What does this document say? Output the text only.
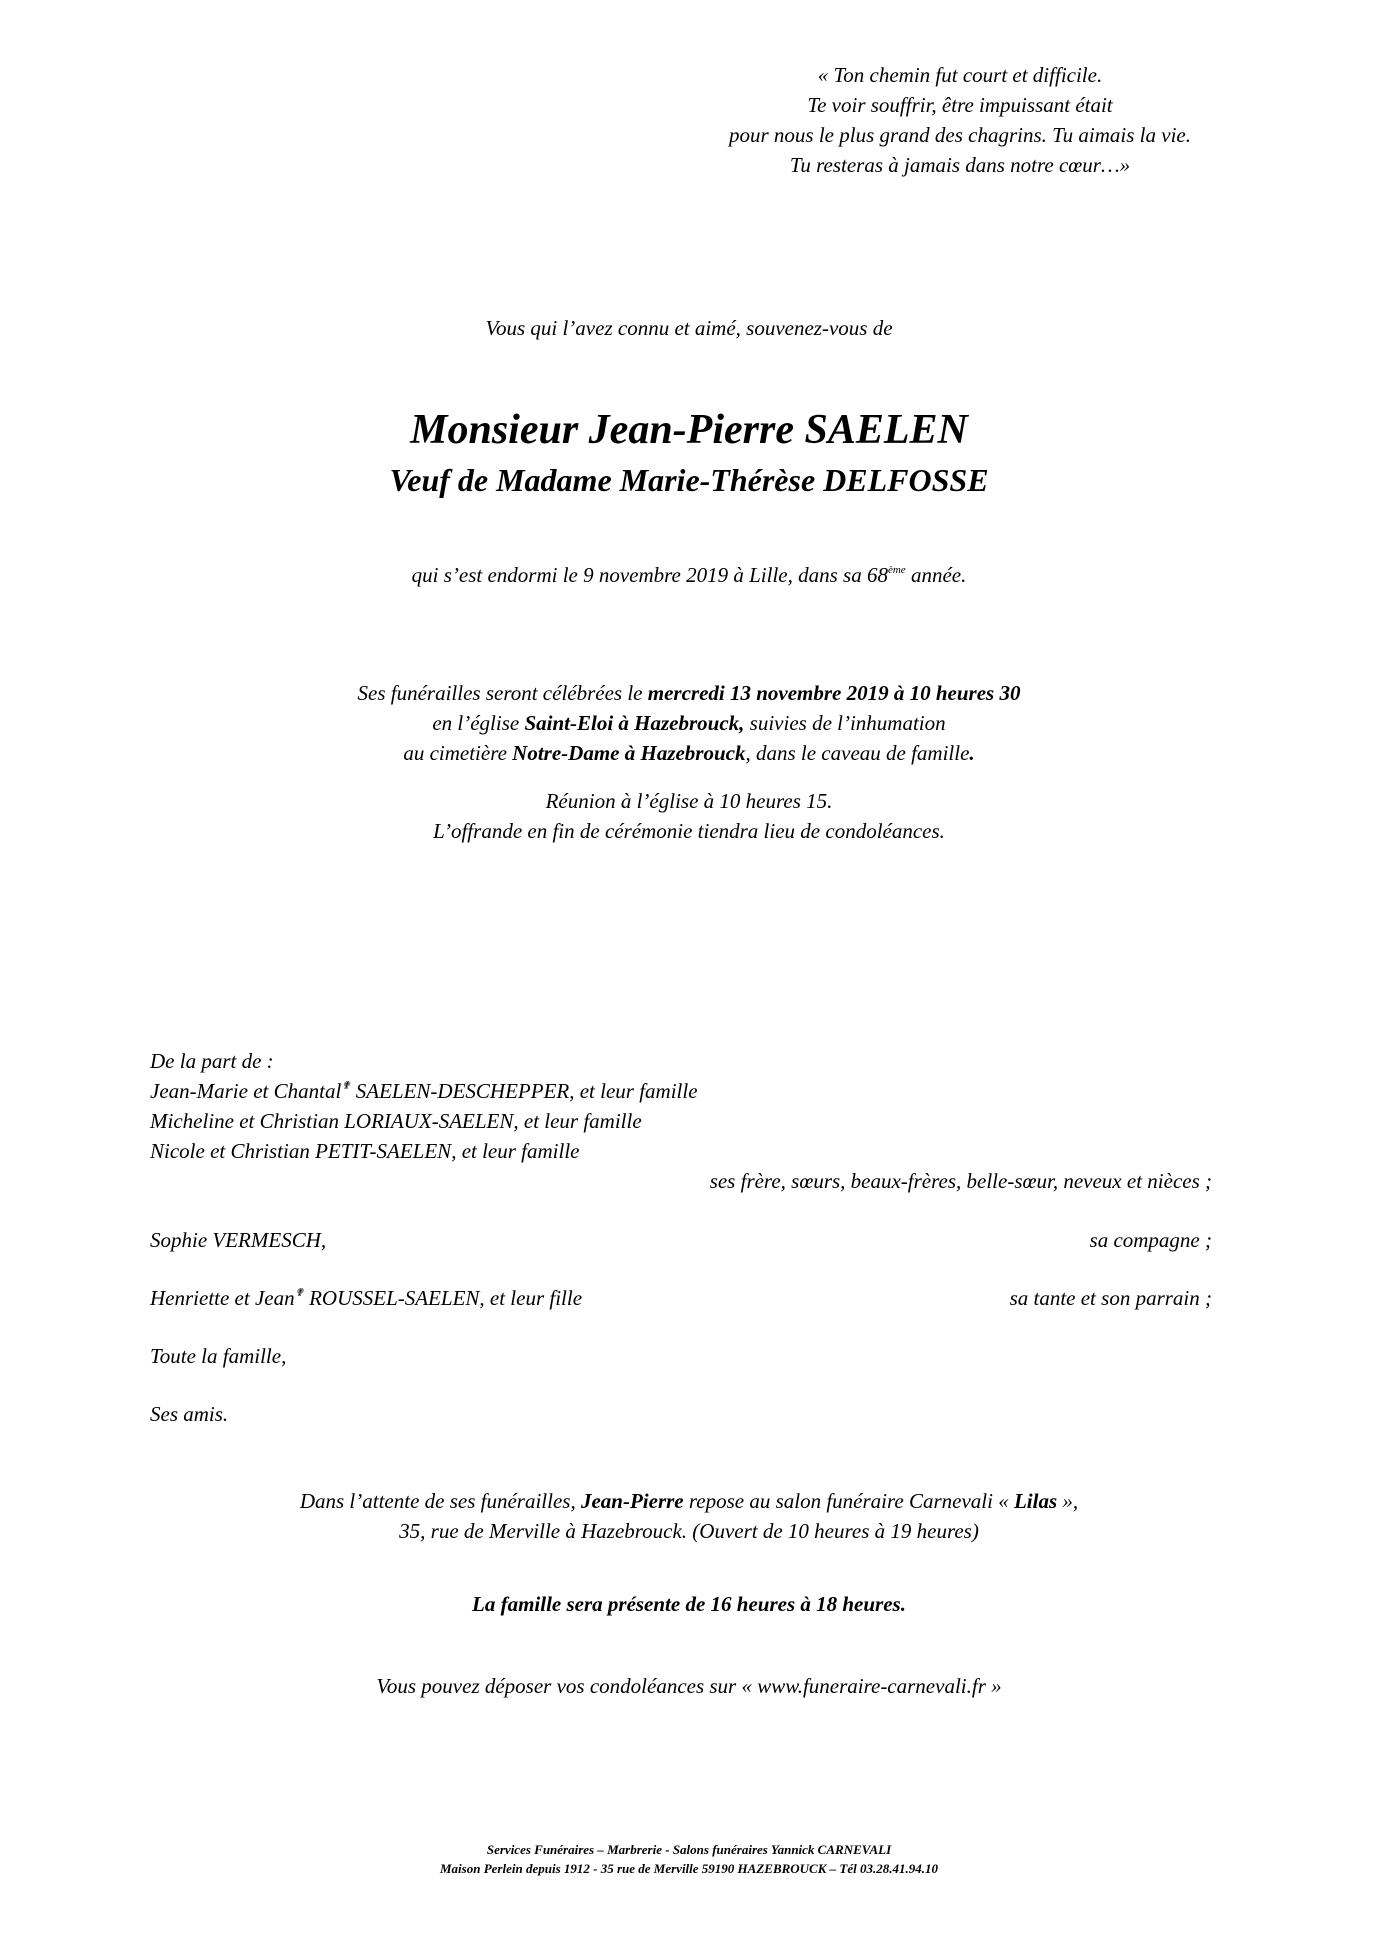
« Ton chemin fut court et difficile.
Te voir souffrir, être impuissant était
pour nous le plus grand des chagrins. Tu aimais la vie.
Tu resteras à jamais dans notre cœur…»
Vous qui l’avez connu et aimé, souvenez-vous de
Monsieur Jean-Pierre SAELEN
Veuf de Madame Marie-Thérèse DELFOSSE
qui s’est endormi le 9 novembre 2019 à Lille, dans sa 68ème année.
Ses funérailles seront célébrées le mercredi 13 novembre 2019 à 10 heures 30
en l’église Saint-Eloi à Hazebrouck, suivies de l’inhumation
au cimetière Notre-Dame à Hazebrouck, dans le caveau de famille.
Réunion à l’église à 10 heures 15.
L’offrande en fin de cérémonie tiendra lieu de condoléances.
De la part de :
Jean-Marie et Chantal✟ SAELEN-DESCHEPPER, et leur famille
Micheline et Christian LORIAUX-SAELEN, et leur famille
Nicole et Christian PETIT-SAELEN, et leur famille
ses frère, sœurs, beaux-frères, belle-sœur, neveux et nièces ;
Sophie VERMESCH,	sa compagne ;
Henriette et Jean✟ ROUSSEL-SAELEN, et leur fille	sa tante et son parrain ;
Toute la famille,
Ses amis.
Dans l’attente de ses funérailles, Jean-Pierre repose au salon funéraire Carnevali « Lilas »,
35, rue de Merville à Hazebrouck. (Ouvert de 10 heures à 19 heures)
La famille sera présente de 16 heures à 18 heures.
Vous pouvez déposer vos condoléances sur « www.funeraire-carnevali.fr »
Services Funéraires – Marbrerie - Salons funéraires Yannick CARNEVALI
Maison Perlein depuis 1912 - 35 rue de Merville 59190 HAZEBROUCK – Tél 03.28.41.94.10
